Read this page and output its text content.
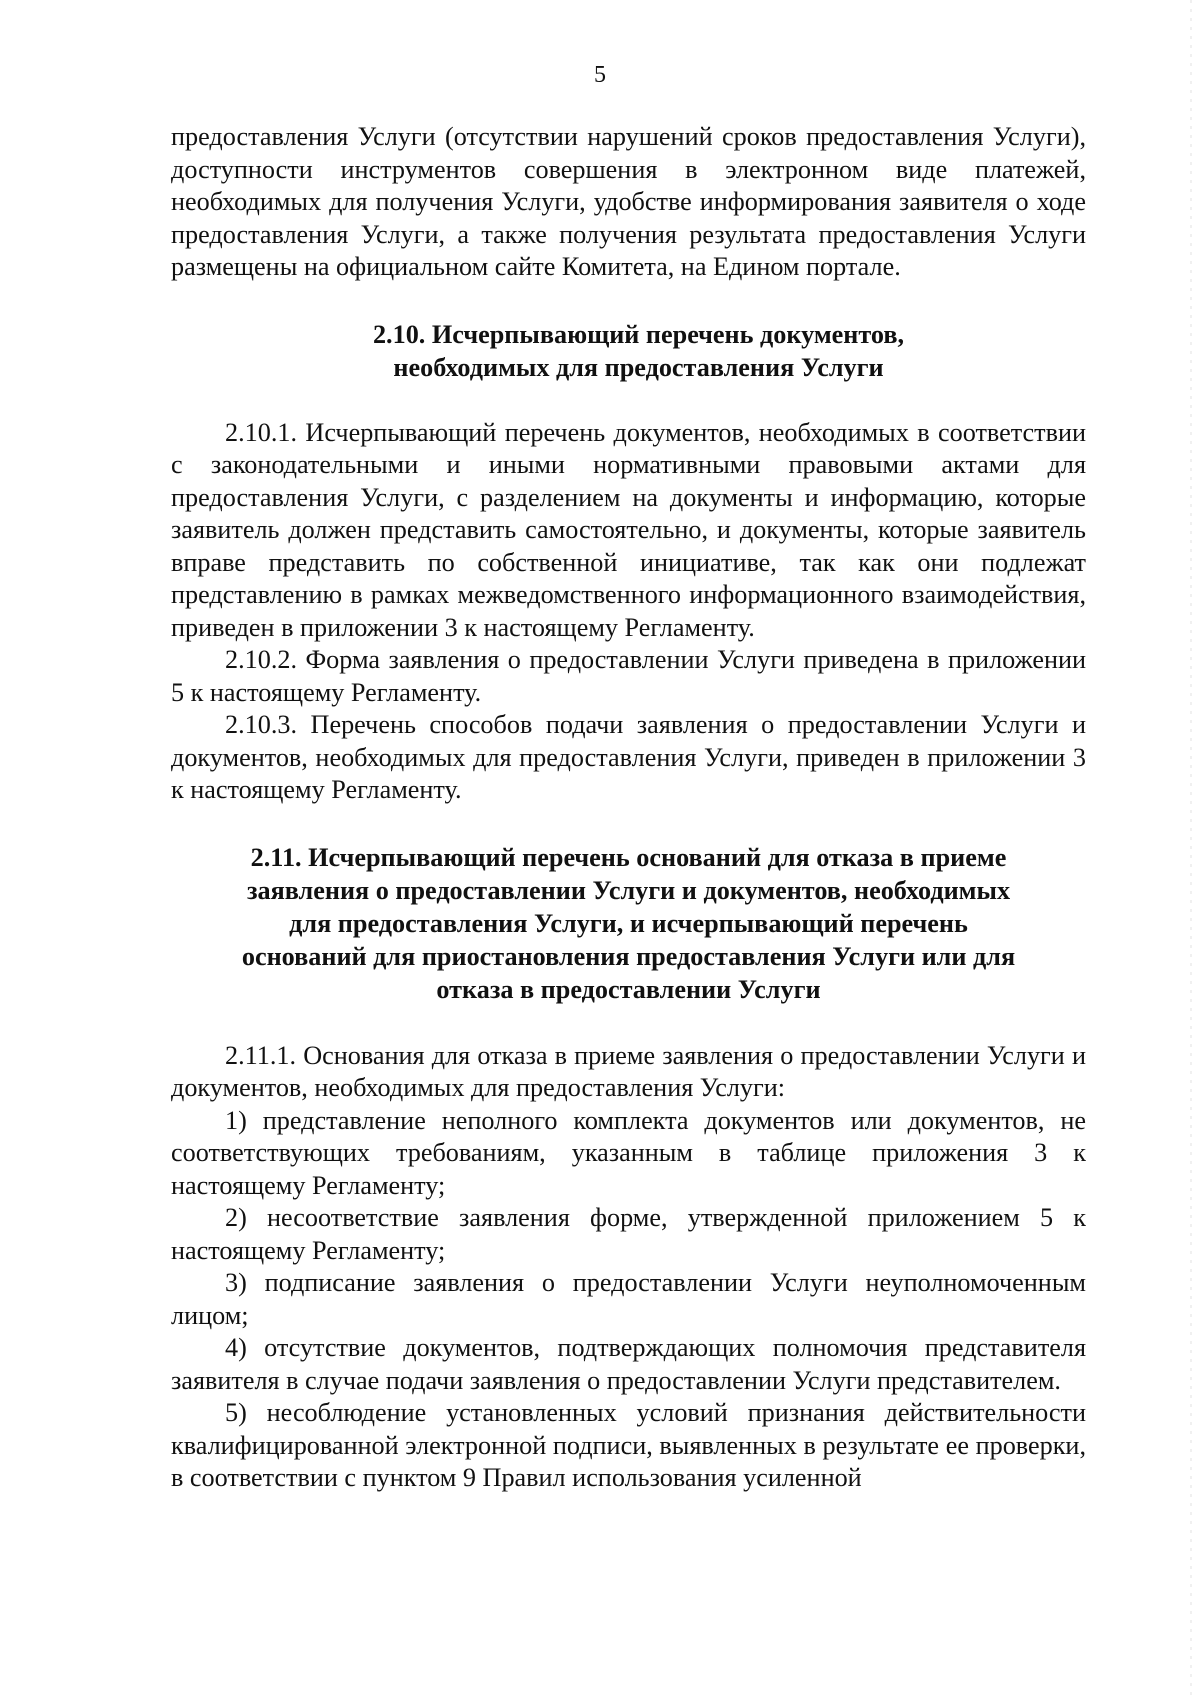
5

предоставления Услуги (отсутствии нарушений сроков предоставления Услуги), доступности инструментов совершения в электронном виде платежей, необходимых для получения Услуги, удобстве информирования заявителя о ходе предоставления Услуги, а также получения результата предоставления Услуги размещены на официальном сайте Комитета, на Едином портале.

2.10. Исчерпывающий перечень документов,
необходимых для предоставления Услуги

2.10.1. Исчерпывающий перечень документов, необходимых в соответствии с законодательными и иными нормативными правовыми актами для предоставления Услуги, с разделением на документы и информацию, которые заявитель должен представить самостоятельно, и документы, которые заявитель вправе представить по собственной инициативе, так как они подлежат представлению в рамках межведомственного информационного взаимодействия, приведен в приложении 3 к настоящему Регламенту.

2.10.2. Форма заявления о предоставлении Услуги приведена в приложении 5 к настоящему Регламенту.

2.10.3. Перечень способов подачи заявления о предоставлении Услуги и документов, необходимых для предоставления Услуги, приведен в приложении 3 к настоящему Регламенту.

2.11. Исчерпывающий перечень оснований для отказа в приеме
заявления о предоставлении Услуги и документов, необходимых
для предоставления Услуги, и исчерпывающий перечень
оснований для приостановления предоставления Услуги или для
отказа в предоставлении Услуги

2.11.1. Основания для отказа в приеме заявления о предоставлении Услуги и документов, необходимых для предоставления Услуги:

1) представление неполного комплекта документов или документов, не соответствующих требованиям, указанным в таблице приложения 3 к настоящему Регламенту;

2) несоответствие заявления форме, утвержденной приложением 5 к настоящему Регламенту;

3) подписание заявления о предоставлении Услуги неуполномоченным лицом;

4) отсутствие документов, подтверждающих полномочия представителя заявителя в случае подачи заявления о предоставлении Услуги представителем.

5) несоблюдение установленных условий признания действительности квалифицированной электронной подписи, выявленных в результате ее проверки, в соответствии с пунктом 9 Правил использования усиленной
